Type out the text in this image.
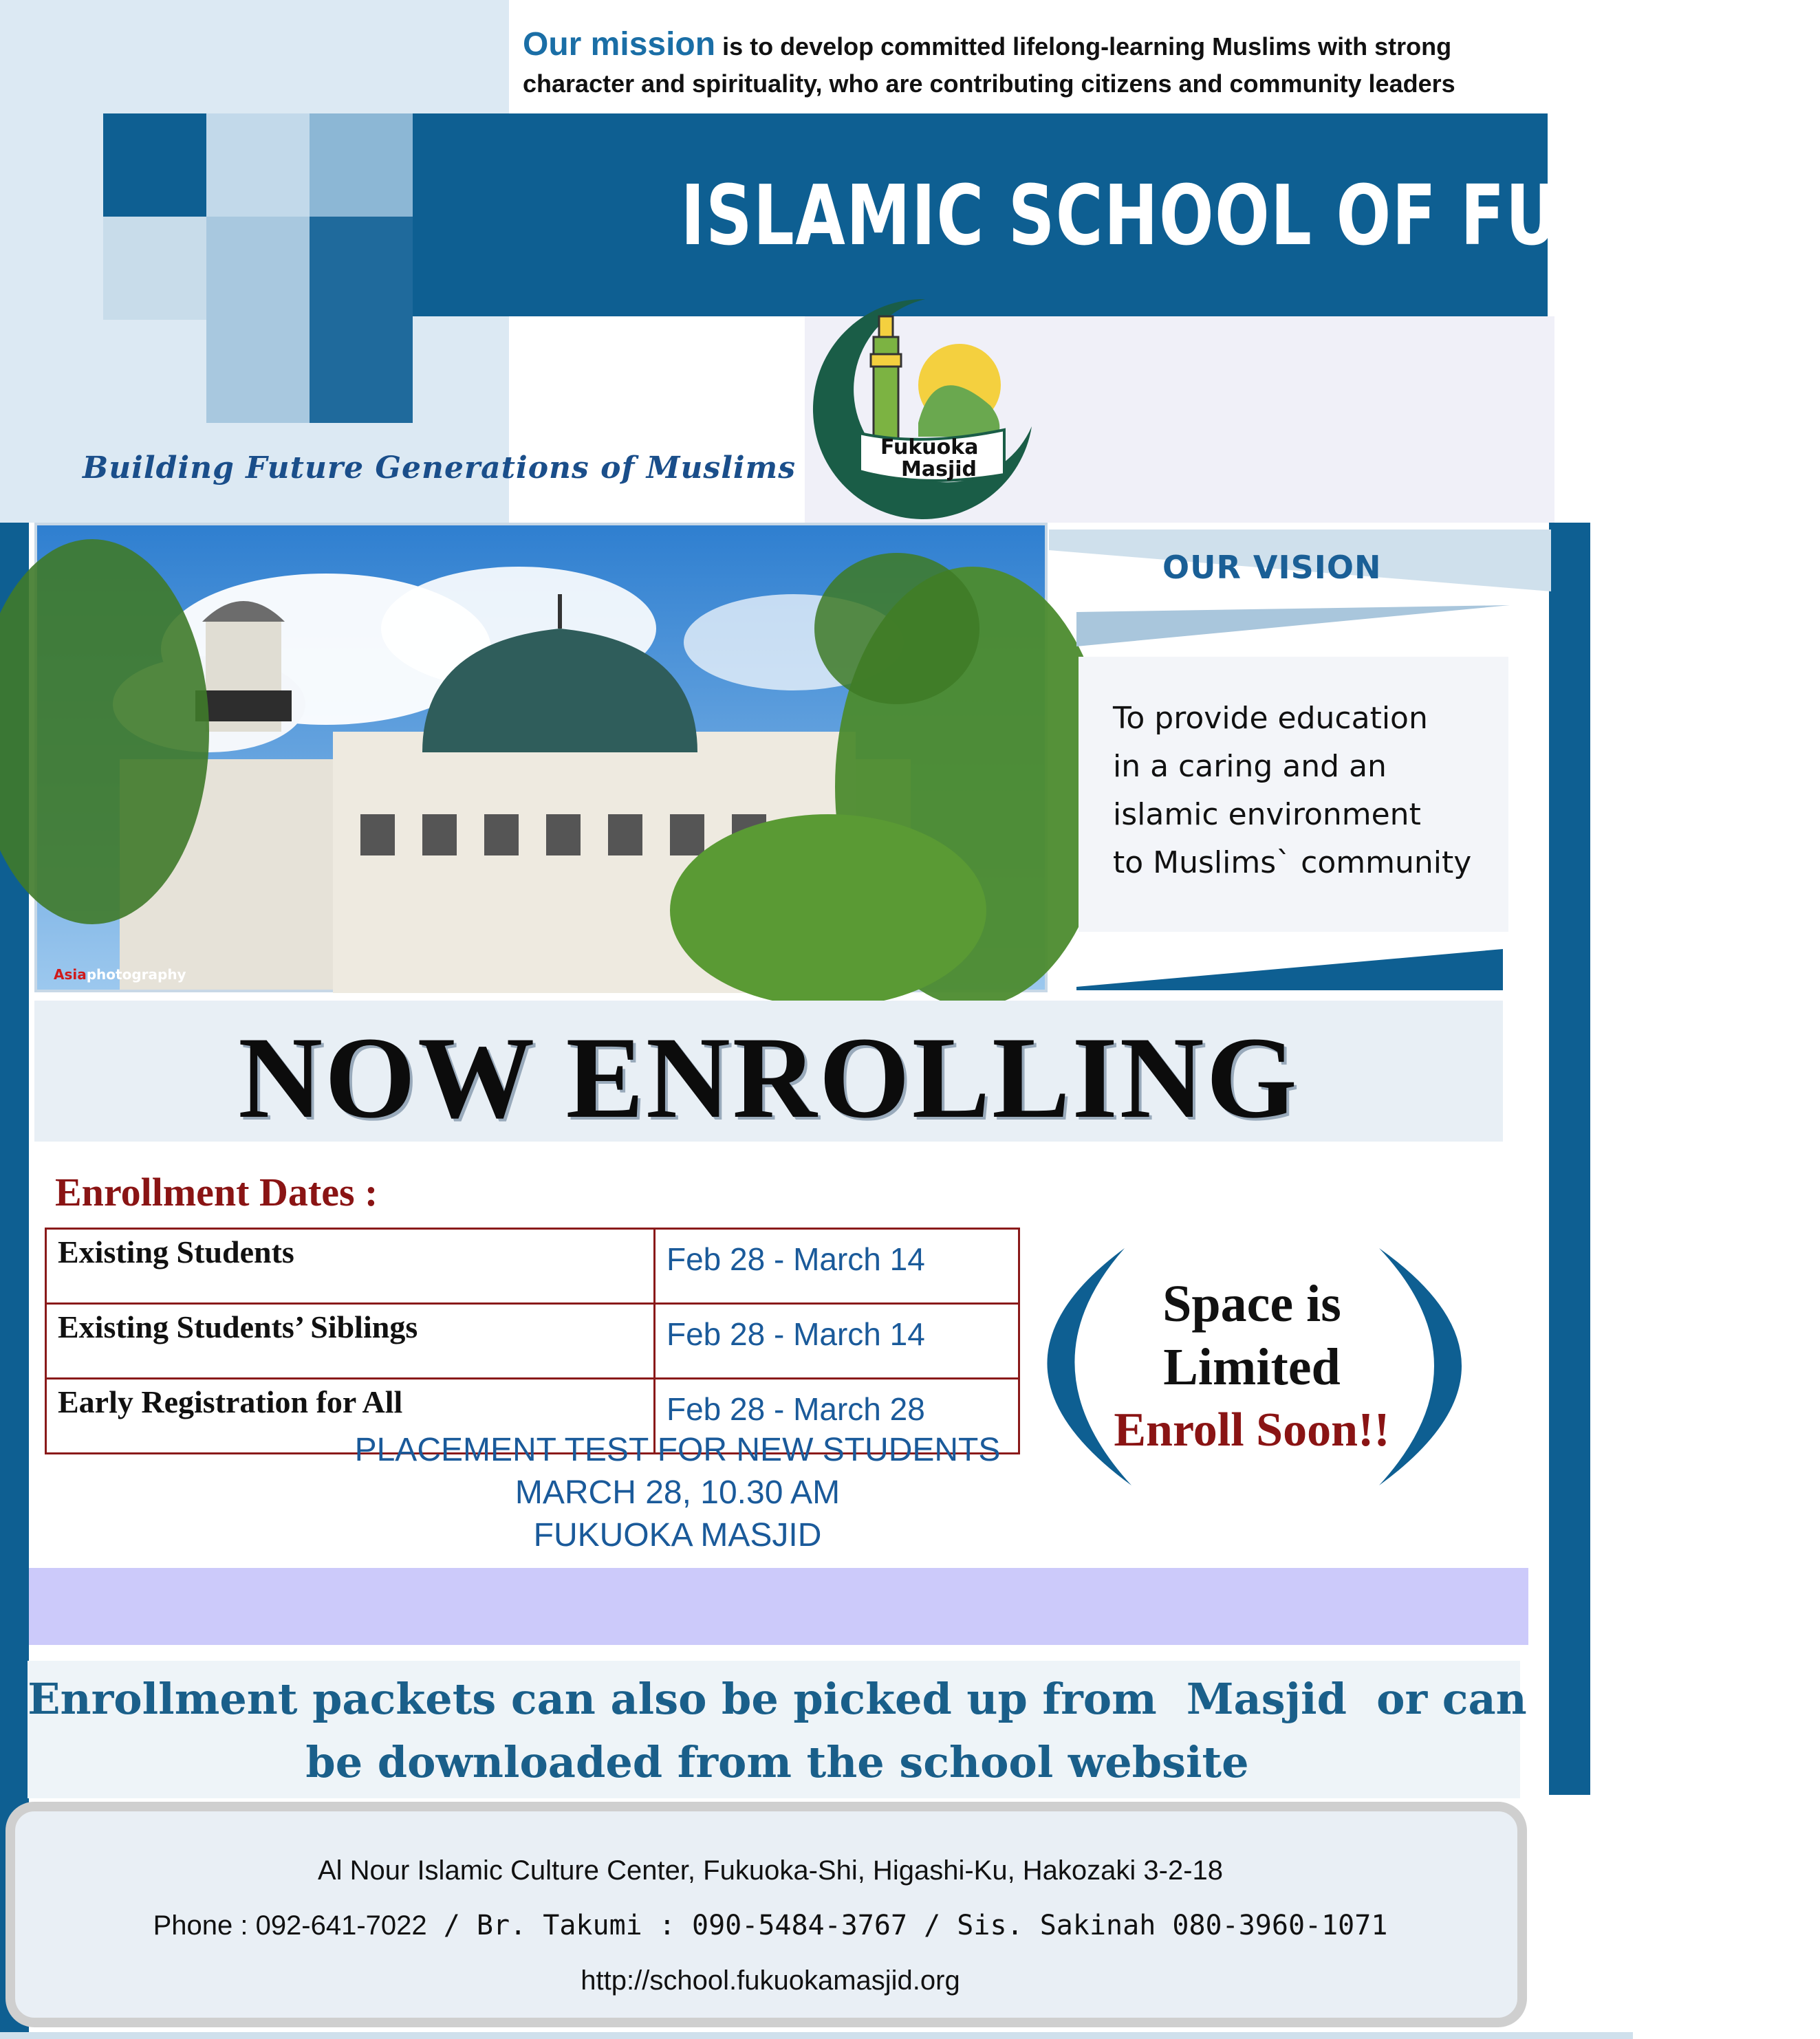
Our mission is to develop committed lifelong-learning Muslims with strong
character and spirituality, who are contributing citizens and community leaders
ISLAMIC SCHOOL OF FUKUOKA
Fukuoka
Masjid
Building Future Generations of Muslims
Asiaphotography
OUR VISION
To provide education
in a caring and an
islamic environment
to Muslims` community
NOW ENROLLING
Enrollment Dates :
Existing Students	Feb 28 - March 14
Existing Students’ Siblings	Feb 28 - March 14
Early Registration for All	Feb 28 - March 28
PLACEMENT TEST FOR NEW STUDENTS
MARCH 28, 10.30 AM
FUKUOKA MASJID
Space is
Limited
Enroll Soon!!
Enrollment packets can also be picked up from  Masjid  or can
be downloaded from the school website
Al Nour Islamic Culture Center, Fukuoka-Shi, Higashi-Ku, Hakozaki 3-2-18
Phone : 092-641-7022 / Br. Takumi : 090-5484-3767 / Sis. Sakinah 080-3960-1071
http://school.fukuokamasjid.org
